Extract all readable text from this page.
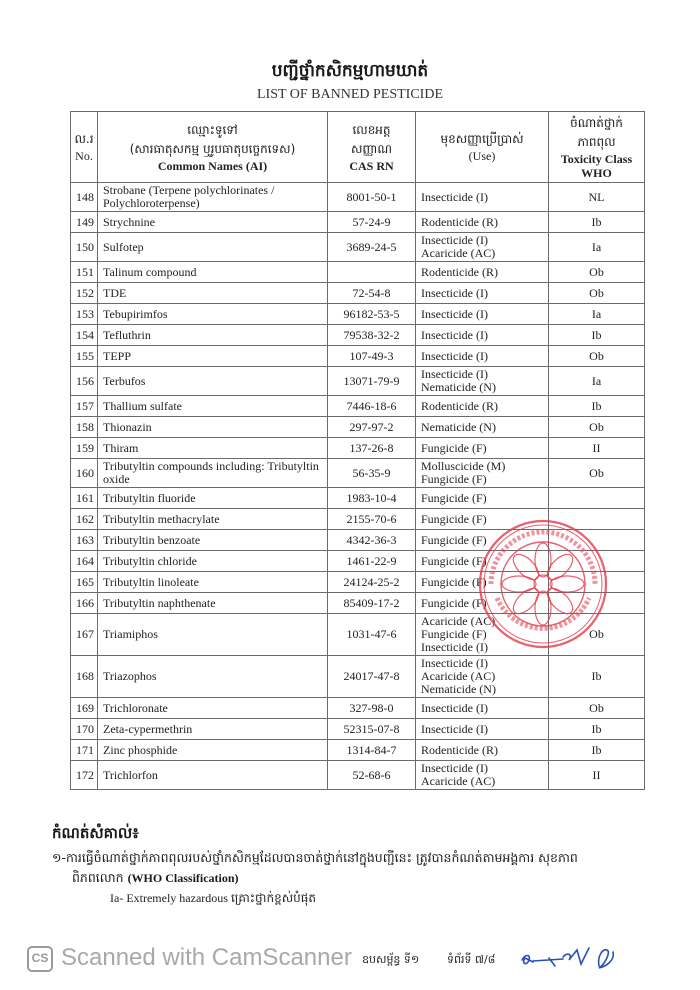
បញ្ជីថ្នាំកសិកម្មហាមឃាត់
LIST OF BANNED PESTICIDE
ល.រ
No.	ឈ្មោះទូទៅ
(សារធាតុសកម្ម ឬរូបធាតុបច្ចេកទេស)
Common Names (AI)	លេខអត្ត
សញ្ញាណ
CAS RN	មុខសញ្ញាប្រើប្រាស់
(Use)	ចំណាត់ថ្នាក់
ភាពពុល
Toxicity Class
WHO

148	Strobane (Terpene polychlorinates / Polychloroterpense)	8001-50-1	Insecticide (I)	NL
149	Strychnine	57-24-9	Rodenticide (R)	Ib
150	Sulfotep	3689-24-5	Insecticide (I)
Acaricide (AC)	Ia
151	Talinum compound		Rodenticide (R)	Ob
152	TDE	72-54-8	Insecticide (I)	Ob
153	Tebupirimfos	96182-53-5	Insecticide (I)	Ia
154	Tefluthrin	79538-32-2	Insecticide (I)	Ib
155	TEPP	107-49-3	Insecticide (I)	Ob
156	Terbufos	13071-79-9	Insecticide (I)
Nematicide (N)	Ia
157	Thallium sulfate	7446-18-6	Rodenticide (R)	Ib
158	Thionazin	297-97-2	Nematicide (N)	Ob
159	Thiram	137-26-8	Fungicide (F)	II
160	Tributyltin compounds including: Tributyltin oxide	56-35-9	Molluscicide (M)
Fungicide (F)	Ob
161	Tributyltin fluoride	1983-10-4	Fungicide (F)	

162	Tributyltin methacrylate	2155-70-6	Fungicide (F)	

163	Tributyltin benzoate	4342-36-3	Fungicide (F)	

164	Tributyltin chloride	1461-22-9	Fungicide (F)	

165	Tributyltin linoleate	24124-25-2	Fungicide (F)	

166	Tributyltin naphthenate	85409-17-2	Fungicide (F)	

167	Triamiphos	1031-47-6	Acaricide (AC)
Fungicide (F)
Insecticide (I)	Ob
168	Triazophos	24017-47-8	Insecticide (I)
Acaricide (AC)
Nematicide (N)	Ib
169	Trichloronate	327-98-0	Insecticide (I)	Ob
170	Zeta-cypermethrin	52315-07-8	Insecticide (I)	Ib
171	Zinc phosphide	1314-84-7	Rodenticide (R)	Ib
172	Trichlorfon	52-68-6	Insecticide (I)
Acaricide (AC)	II
កំណត់សំគាល់៖
១-ការធ្វើចំណាត់ថ្នាក់ភាពពុលរបស់ថ្នាំកសិកម្មដែលបានចាត់ថ្នាក់នៅក្នុងបញ្ជីនេះ ត្រូវបានកំណត់តាមអង្គការ សុខភាព
ពិភពលោក (WHO Classification)
Ia- Extremely hazardous គ្រោះថ្នាក់ខ្ពស់បំផុត
CS Scanned with CamScanner ឧបសម្ព័ន្ធ ទី១	ទំព័រទី ៧/៨
